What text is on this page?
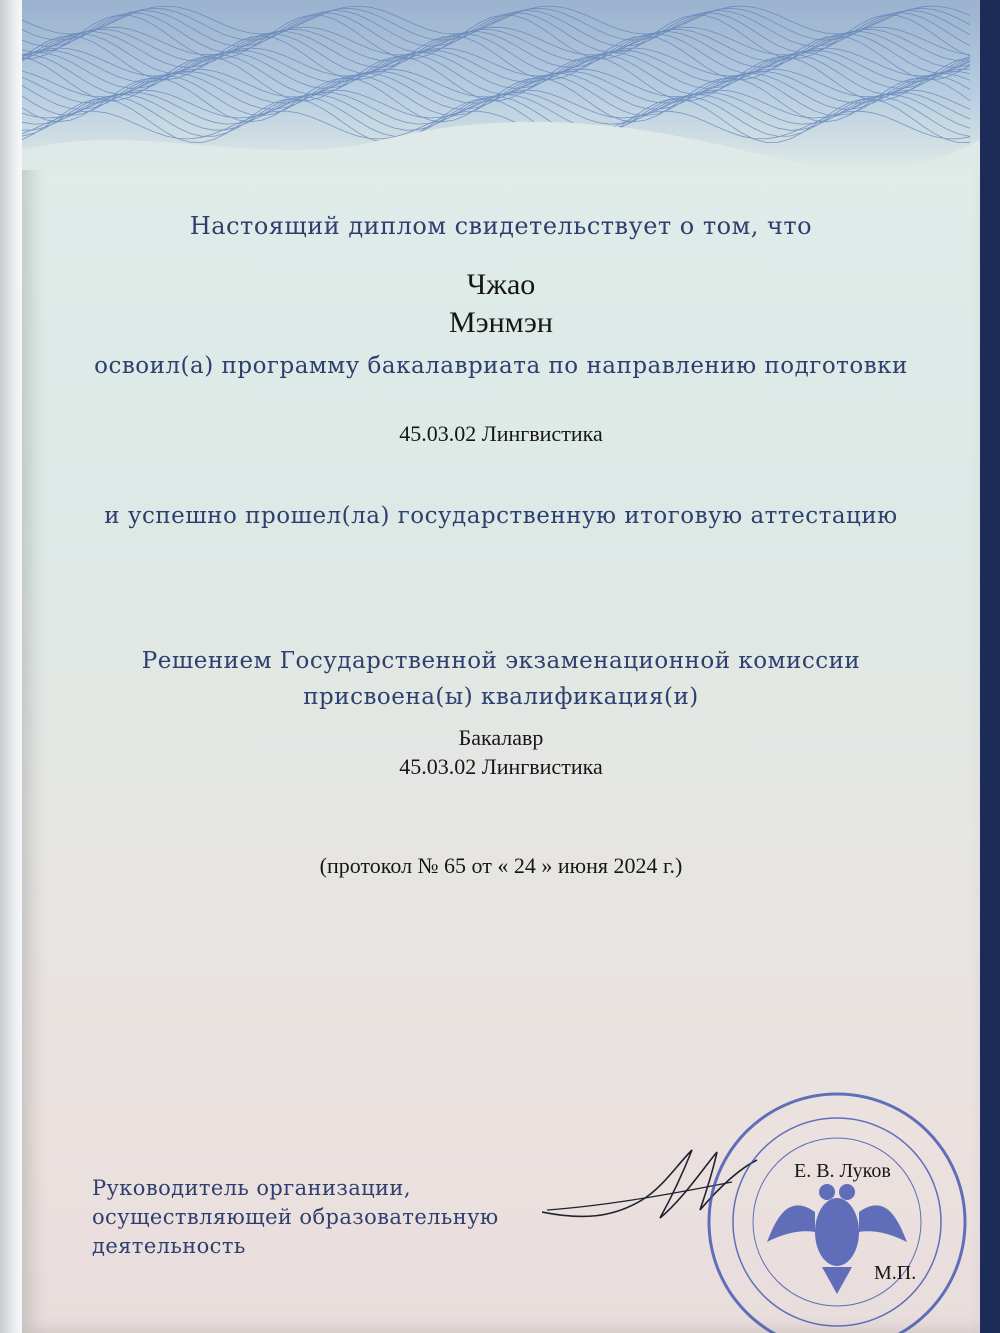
Настоящий диплом свидетельствует о том, что
Чжао
Мэнмэн
освоил(а) программу бакалавриата по направлению подготовки
45.03.02 Лингвистика
и успешно прошел(ла) государственную итоговую аттестацию
Решением Государственной экзаменационной комиссии
присвоена(ы) квалификация(и)
Бакалавр
45.03.02 Лингвистика
(протокол № 65 от « 24 » июня 2024 г.)
Руководитель организации,
осуществляющей образовательную
деятельность
Е. В. Луков
М.П.
